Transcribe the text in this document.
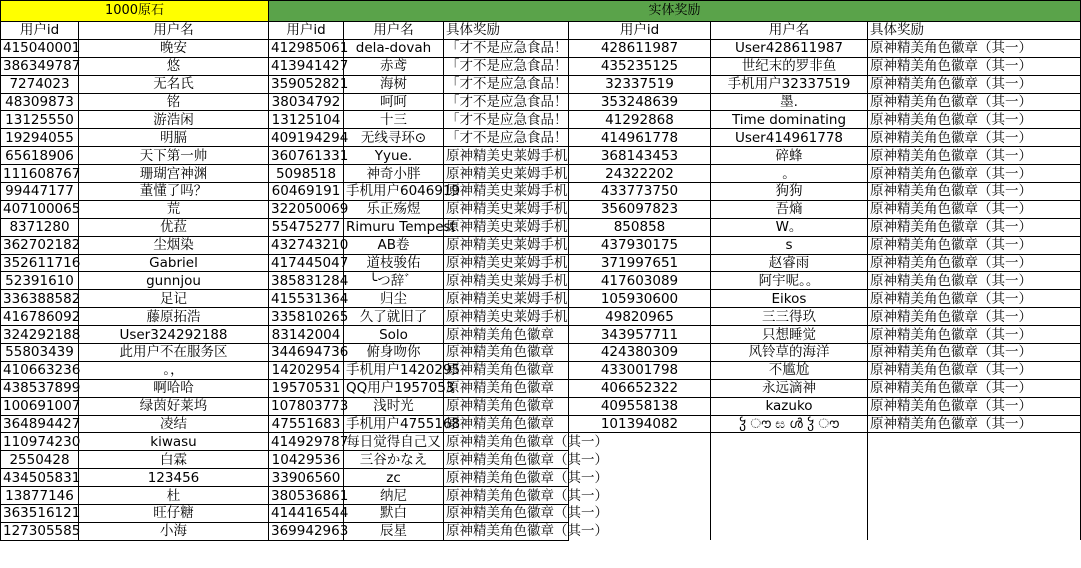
1000原石		实体奖励					
用户id	用户名	用户id	用户名	具体奖励	用户id	用户名	具体奖励
415040001	晚安	412985061	dela-dovah	「才不是应急食品！	428611987	User428611987	原神精美角色徽章（其一）
386349787	悠	413941427	赤鸢	「才不是应急食品！	435235125	世纪末的罗非鱼	原神精美角色徽章（其一）
7274023	无名氏	359052821	海树	「才不是应急食品！	32337519	手机用户32337519	原神精美角色徽章（其一）
48309873	铭	38034792	呵呵	「才不是应急食品！	353248639	墨.	原神精美角色徽章（其一）
13125550	游浩闲	13125104	十三	「才不是应急食品！	41292868	Time dominating	原神精美角色徽章（其一）
19294055	明膈	409194294	无线寻环⊙	「才不是应急食品！	414961778	User414961778	原神精美角色徽章（其一）
65618906	天下第一帅	360761331	Yyue.	原神精美史莱姆手机	368143453	碎蜂	原神精美角色徽章（其一）
111608767	珊瑚宫神渊	5098518	神奇小胖	原神精美史莱姆手机	24322202	。	原神精美角色徽章（其一）
99447177	董懂了吗？	60469191	手机用户6046919	原神精美史莱姆手机	433773750	狗狗	原神精美角色徽章（其一）
407100065	荒	322050069	乐正殇煜	原神精美史莱姆手机	356097823	吾熵	原神精美角色徽章（其一）
8371280	优菈	55475277	Rimuru Tempest	原神精美史莱姆手机	850858	W。	原神精美角色徽章（其一）
362702182	尘烟染	432743210	AB卷	原神精美史莱姆手机	437930175	s	原神精美角色徽章（其一）
352611716	Gabriel	417445047	道枝骏佑	原神精美史莱姆手机	371997651	赵睿雨	原神精美角色徽章（其一）
52391610	gunnjou	385831284	╰つ辞゛	原神精美史莱姆手机	417603089	阿宇呢。。	原神精美角色徽章（其一）
336388582	足记	415531364	归尘	原神精美史莱姆手机	105930600	Eikos	原神精美角色徽章（其一）
416786092	藤原拓浩	335810265	久了就旧了	原神精美史莱姆手机	49820965	三三得玖	原神精美角色徽章（其一）
324292188	User324292188	83142004	Solo	原神精美角色徽章	343957711	只想睡觉	原神精美角色徽章（其一）
55803439	此用户不在服务区	344694736	俯身吻你	原神精美角色徽章	424380309	风铃草的海洋	原神精美角色徽章（其一）
410663236	。，	14202954	手机用户1420295	原神精美角色徽章	433001798	不尴尬	原神精美角色徽章（其一）
438537899	啊哈哈	19570531	QQ用户1957053	原神精美角色徽章	406652322	永远滴神	原神精美角色徽章（其一）
100691007	绿茵好莱坞	107803773	浅时光	原神精美角色徽章	409558138	kazuko	原神精美角色徽章（其一）
364894427	凌结	47551683	手机用户4755168	原神精美角色徽章	101394082	ჴ ൗ ඝ ൾ ჴ ൗ	原神精美角色徽章（其一）
110974230	kiwasu	414929787	每日觉得自己又	原神精美角色徽章（其一）			
2550428	白霖	10429536	三谷かなえ	原神精美角色徽章（其一）			
434505831	123456	33906560	zc	原神精美角色徽章（其一）			
13877146	杜	380536861	纳尼	原神精美角色徽章（其一）			
363516121	旺仔糖	414416544	默白	原神精美角色徽章（其一）			
127305585	小海	369942963	辰星	原神精美角色徽章（其一）			
